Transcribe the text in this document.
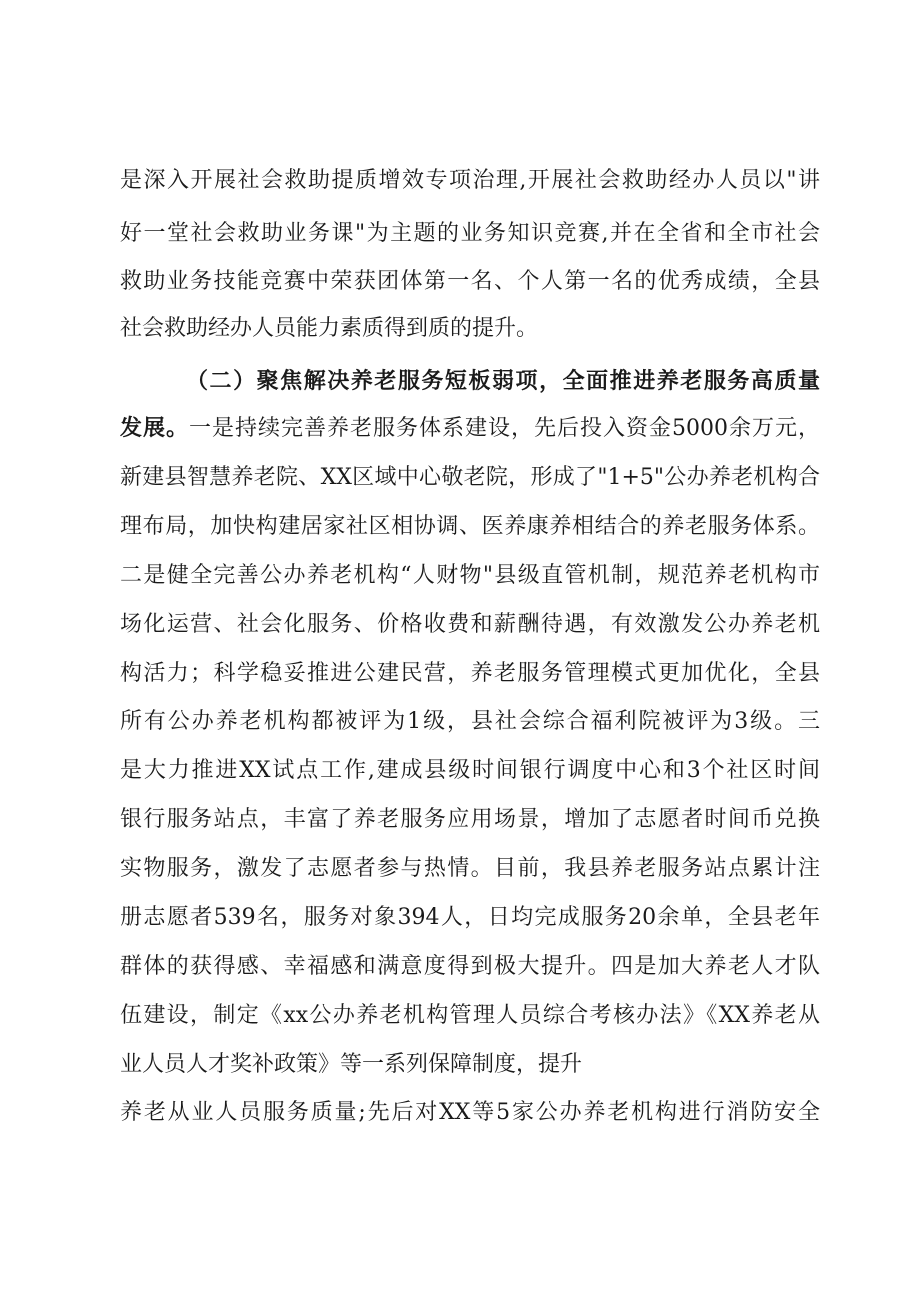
是深入开展社会救助提质增效专项治理,开展社会救助经办人员以"讲
好一堂社会救助业务课"为主题的业务知识竞赛,并在全省和全市社会
救助业务技能竞赛中荣获团体第一名、个人第一名的优秀成绩，全县
社会救助经办人员能力素质得到质的提升。
（二）聚焦解决养老服务短板弱项，全面推进养老服务高质量
发展。一是持续完善养老服务体系建设，先后投入资金5000余万元，
新建县智慧养老院、XX区域中心敬老院，形成了"1+5"公办养老机构合
理布局，加快构建居家社区相协调、医养康养相结合的养老服务体系。
二是健全完善公办养老机构“人财物"县级直管机制，规范养老机构市
场化运营、社会化服务、价格收费和薪酬待遇，有效激发公办养老机
构活力；科学稳妥推进公建民营，养老服务管理模式更加优化，全县
所有公办养老机构都被评为1级，县社会综合福利院被评为3级。三
是大力推进XX试点工作,建成县级时间银行调度中心和3个社区时间
银行服务站点，丰富了养老服务应用场景，增加了志愿者时间币兑换
实物服务，激发了志愿者参与热情。目前，我县养老服务站点累计注
册志愿者539名，服务对象394人，日均完成服务20余单，全县老年
群体的获得感、幸福感和满意度得到极大提升。四是加大养老人才队
伍建设，制定《xx公办养老机构管理人员综合考核办法》《XX养老从
业人员人才奖补政策》等一系列保障制度，提升
养老从业人员服务质量;先后对XX等5家公办养老机构进行消防安全
